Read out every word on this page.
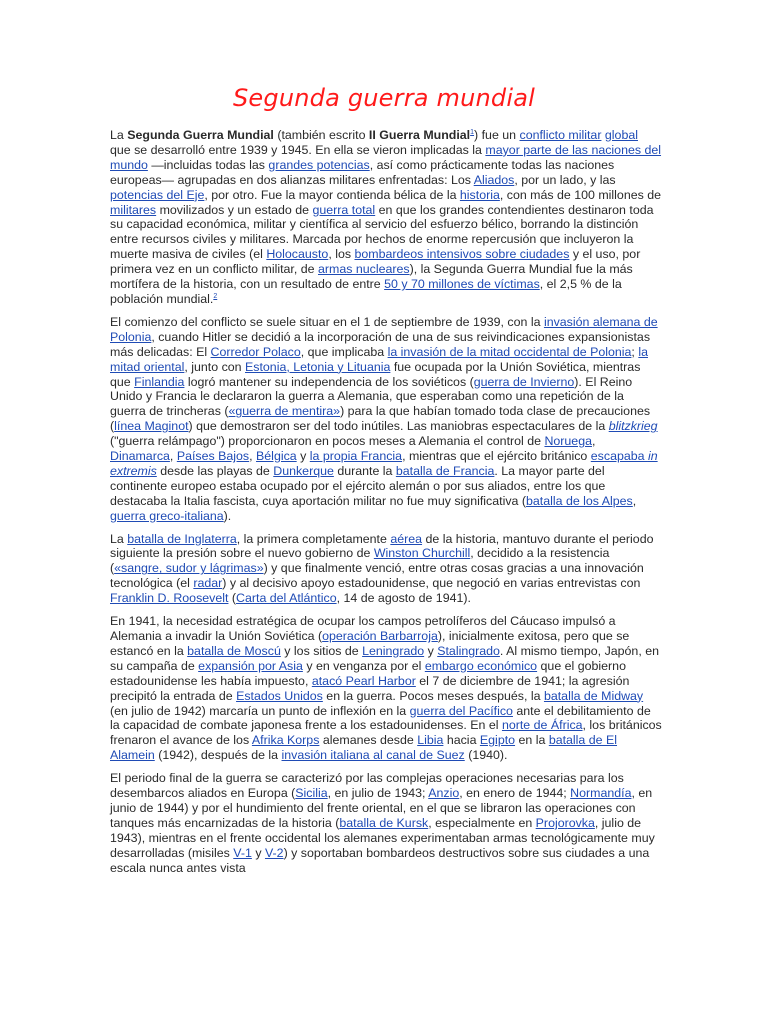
Segunda guerra mundial

La Segunda Guerra Mundial (también escrito II Guerra Mundial$^1$) fue un conflicto militar global que se desarrolló entre 1939 y 1945. En ella se vieron implicadas la mayor parte de las naciones del mundo —incluidas todas las grandes potencias, así como prácticamente todas las naciones europeas— agrupadas en dos alianzas militares enfrentadas: Los Aliados, por un lado, y las potencias del Eje, por otro. Fue la mayor contienda bélica de la historia, con más de 100 millones de militares movilizados y un estado de guerra total en que los grandes contendientes destinaron toda su capacidad económica, militar y científica al servicio del esfuerzo bélico, borrando la distinción entre recursos civiles y militares. Marcada por hechos de enorme repercusión que incluyeron la muerte masiva de civiles (el Holocausto, los bombardeos intensivos sobre ciudades y el uso, por primera vez en un conflicto militar, de armas nucleares), la Segunda Guerra Mundial fue la más mortífera de la historia, con un resultado de entre 50 y 70 millones de víctimas, el 2,5 % de la población mundial.$^2$

El comienzo del conflicto se suele situar en el 1 de septiembre de 1939, con la invasión alemana de Polonia, cuando Hitler se decidió a la incorporación de una de sus reivindicaciones expansionistas más delicadas: El Corredor Polaco, que implicaba la invasión de la mitad occidental de Polonia; la mitad oriental, junto con Estonia, Letonia y Lituania fue ocupada por la Unión Soviética, mientras que Finlandia logró mantener su independencia de los soviéticos (guerra de Invierno). El Reino Unido y Francia le declararon la guerra a Alemania, que esperaban como una repetición de la guerra de trincheras («guerra de mentira») para la que habían tomado toda clase de precauciones (línea Maginot) que demostraron ser del todo inútiles. Las maniobras espectaculares de la blitzkrieg ("guerra relámpago") proporcionaron en pocos meses a Alemania el control de Noruega, Dinamarca, Países Bajos, Bélgica y la propia Francia, mientras que el ejército británico escapaba in extremis desde las playas de Dunkerque durante la batalla de Francia. La mayor parte del continente europeo estaba ocupado por el ejército alemán o por sus aliados, entre los que destacaba la Italia fascista, cuya aportación militar no fue muy significativa (batalla de los Alpes, guerra greco-italiana).

La batalla de Inglaterra, la primera completamente aérea de la historia, mantuvo durante el periodo siguiente la presión sobre el nuevo gobierno de Winston Churchill, decidido a la resistencia («sangre, sudor y lágrimas») y que finalmente venció, entre otras cosas gracias a una innovación tecnológica (el radar) y al decisivo apoyo estadounidense, que negoció en varias entrevistas con Franklin D. Roosevelt (Carta del Atlántico, 14 de agosto de 1941).

En 1941, la necesidad estratégica de ocupar los campos petrolíferos del Cáucaso impulsó a Alemania a invadir la Unión Soviética (operación Barbarroja), inicialmente exitosa, pero que se estancó en la batalla de Moscú y los sitios de Leningrado y Stalingrado. Al mismo tiempo, Japón, en su campaña de expansión por Asia y en venganza por el embargo económico que el gobierno estadounidense les había impuesto, atacó Pearl Harbor el 7 de diciembre de 1941; la agresión precipitó la entrada de Estados Unidos en la guerra. Pocos meses después, la batalla de Midway (en julio de 1942) marcaría un punto de inflexión en la guerra del Pacífico ante el debilitamiento de la capacidad de combate japonesa frente a los estadounidenses. En el norte de África, los británicos frenaron el avance de los Afrika Korps alemanes desde Libia hacia Egipto en la batalla de El Alamein (1942), después de la invasión italiana al canal de Suez (1940).

El periodo final de la guerra se caracterizó por las complejas operaciones necesarias para los desembarcos aliados en Europa (Sicilia, en julio de 1943; Anzio, en enero de 1944; Normandía, en junio de 1944) y por el hundimiento del frente oriental, en el que se libraron las operaciones con tanques más encarnizadas de la historia (batalla de Kursk, especialmente en Projorovka, julio de 1943), mientras en el frente occidental los alemanes experimentaban armas tecnológicamente muy desarrolladas (misiles V-1 y V-2) y soportaban bombardeos destructivos sobre sus ciudades a una escala nunca antes vista
